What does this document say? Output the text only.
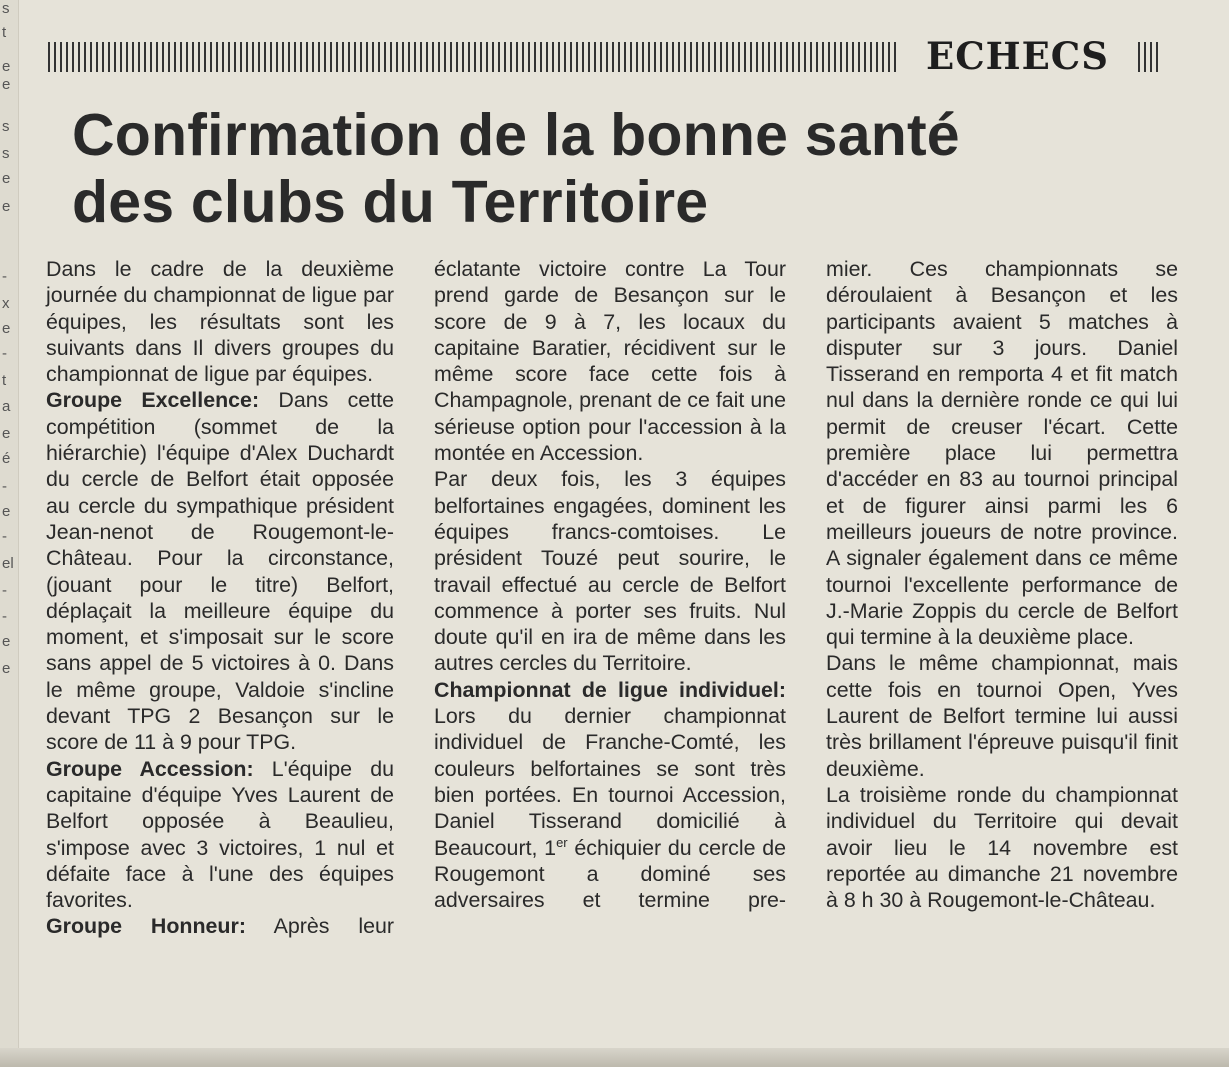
s
t
e
e
s
s
e
e
-
x
e
-
t
a
e
é
-
e
-
el
-
-
e
e
ECHECS
Confirmation de la bonne santé
des clubs du Territoire

Dans le cadre de la deuxième journée du championnat de ligue par équipes, les résultats sont les suivants dans Il divers groupes du championnat de ligue par équipes.

Groupe Excellence: Dans cette compétition (sommet de la hiérarchie) l'équipe d'Alex Duchardt du cercle de Belfort était opposée au cercle du sympathique président Jean-nenot de Rougemont-le-Château. Pour la circonstance, (jouant pour le titre) Belfort, déplaçait la meilleure équipe du moment, et s'imposait sur le score sans appel de 5 victoires à 0. Dans le même groupe, Valdoie s'incline devant TPG 2 Besançon sur le score de 11 à 9 pour TPG.

Groupe Accession: L'équipe du capitaine d'équipe Yves Laurent de Belfort opposée à Beaulieu, s'impose avec 3 victoires, 1 nul et défaite face à l'une des équipes favorites.

Groupe Honneur: Après leur

éclatante victoire contre La Tour prend garde de Besançon sur le score de 9 à 7, les locaux du capitaine Baratier, récidivent sur le même score face cette fois à Champagnole, prenant de ce fait une sérieuse option pour l'accession à la montée en Accession.

Par deux fois, les 3 équipes belfortaines engagées, dominent les équipes francs-comtoises. Le président Touzé peut sourire, le travail effectué au cercle de Belfort commence à porter ses fruits. Nul doute qu'il en ira de même dans les autres cercles du Territoire.

Championnat de ligue individuel: Lors du dernier championnat individuel de Franche-Comté, les couleurs belfortaines se sont très bien portées. En tournoi Accession, Daniel Tisserand domicilié à Beaucourt, 1er échiquier du cercle de Rougemont a dominé ses adversaires et termine pre-

mier. Ces championnats se déroulaient à Besançon et les participants avaient 5 matches à disputer sur 3 jours. Daniel Tisserand en remporta 4 et fit match nul dans la dernière ronde ce qui lui permit de creuser l'écart. Cette première place lui permettra d'accéder en 83 au tournoi principal et de figurer ainsi parmi les 6 meilleurs joueurs de notre province. A signaler également dans ce même tournoi l'excellente performance de J.-Marie Zoppis du cercle de Belfort qui termine à la deuxième place.

Dans le même championnat, mais cette fois en tournoi Open, Yves Laurent de Belfort termine lui aussi très brillament l'épreuve puisqu'il finit deuxième.

La troisième ronde du championnat individuel du Territoire qui devait avoir lieu le 14 novembre est reportée au dimanche 21 novembre à 8 h 30 à Rougemont-le-Château.
